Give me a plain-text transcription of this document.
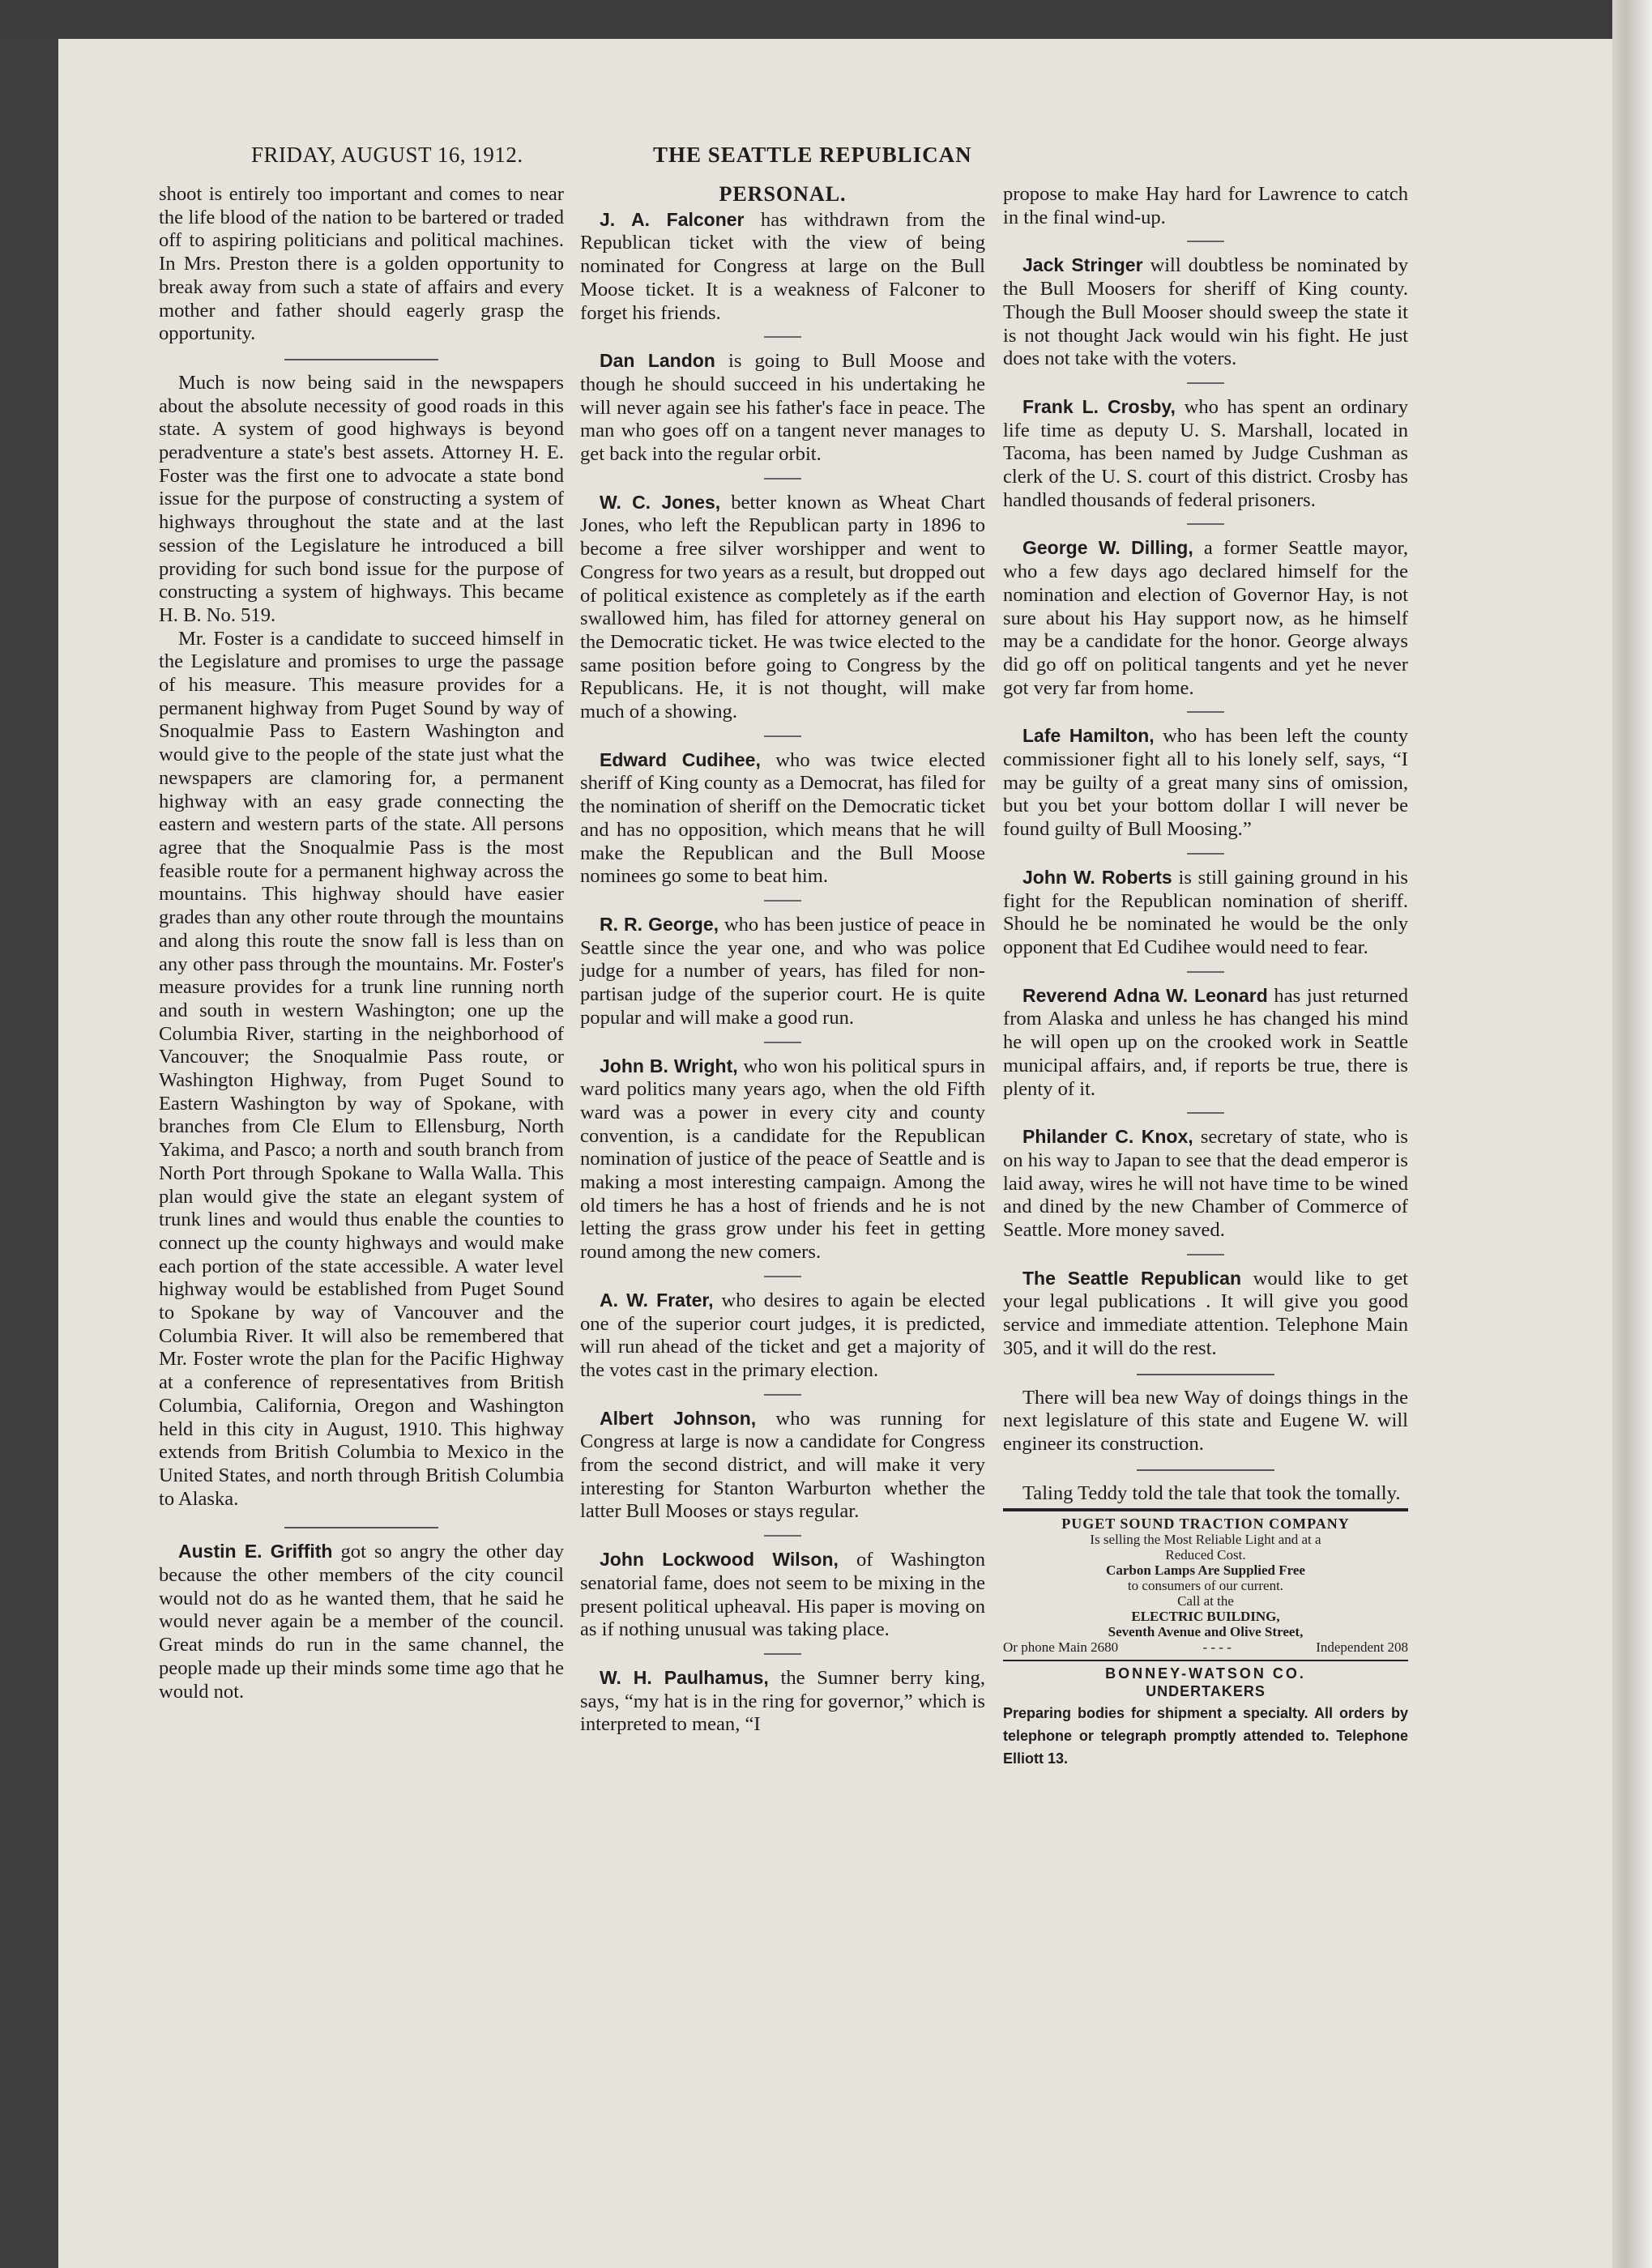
FRIDAY, AUGUST 16, 1912.	THE SEATTLE REPUBLICAN

shoot is entirely too important and comes to near the life blood of the nation to be bartered or traded off to aspiring politicians and political machines. In Mrs. Preston there is a golden opportunity to break away from such a state of affairs and every mother and father should eagerly grasp the opportunity.

Much is now being said in the newspapers about the absolute necessity of good roads in this state. A system of good highways is beyond peradventure a state's best assets. Attorney H. E. Foster was the first one to advocate a state bond issue for the purpose of constructing a system of highways throughout the state and at the last session of the Legislature he introduced a bill providing for such bond issue for the purpose of constructing a system of highways. This became H. B. No. 519.

Mr. Foster is a candidate to succeed himself in the Legislature and promises to urge the passage of his measure. This measure provides for a permanent highway from Puget Sound by way of Snoqualmie Pass to Eastern Washington and would give to the people of the state just what the newspapers are clamoring for, a permanent highway with an easy grade connecting the eastern and western parts of the state. All persons agree that the Snoqualmie Pass is the most feasible route for a permanent highway across the mountains. This highway should have easier grades than any other route through the mountains and along this route the snow fall is less than on any other pass through the mountains. Mr. Foster's measure provides for a trunk line running north and south in western Washington; one up the Columbia River, starting in the neighborhood of Vancouver; the Snoqualmie Pass route, or Washington Highway, from Puget Sound to Eastern Washington by way of Spokane, with branches from Cle Elum to Ellensburg, North Yakima, and Pasco; a north and south branch from North Port through Spokane to Walla Walla. This plan would give the state an elegant system of trunk lines and would thus enable the counties to connect up the county highways and would make each portion of the state accessible. A water level highway would be established from Puget Sound to Spokane by way of Vancouver and the Columbia River. It will also be remembered that Mr. Foster wrote the plan for the Pacific Highway at a conference of representatives from British Columbia, California, Oregon and Washington held in this city in August, 1910. This highway extends from British Columbia to Mexico in the United States, and north through British Columbia to Alaska.

Austin E. Griffith got so angry the other day because the other members of the city council would not do as he wanted them, that he said he would never again be a member of the council. Great minds do run in the same channel, the people made up their minds some time ago that he would not.

PERSONAL.

J. A. Falconer has withdrawn from the Republican ticket with the view of being nominated for Congress at large on the Bull Moose ticket. It is a weakness of Falconer to forget his friends.

Dan Landon is going to Bull Moose and though he should succeed in his undertaking he will never again see his father's face in peace. The man who goes off on a tangent never manages to get back into the regular orbit.

W. C. Jones, better known as Wheat Chart Jones, who left the Republican party in 1896 to become a free silver worshipper and went to Congress for two years as a result, but dropped out of political existence as completely as if the earth swallowed him, has filed for attorney general on the Democratic ticket. He was twice elected to the same position before going to Congress by the Republicans. He, it is not thought, will make much of a showing.

Edward Cudihee, who was twice elected sheriff of King county as a Democrat, has filed for the nomination of sheriff on the Democratic ticket and has no opposition, which means that he will make the Republican and the Bull Moose nominees go some to beat him.

R. R. George, who has been justice of peace in Seattle since the year one, and who was police judge for a number of years, has filed for non-partisan judge of the superior court. He is quite popular and will make a good run.

John B. Wright, who won his political spurs in ward politics many years ago, when the old Fifth ward was a power in every city and county convention, is a candidate for the Republican nomination of justice of the peace of Seattle and is making a most interesting campaign. Among the old timers he has a host of friends and he is not letting the grass grow under his feet in getting round among the new comers.

A. W. Frater, who desires to again be elected one of the superior court judges, it is predicted, will run ahead of the ticket and get a majority of the votes cast in the primary election.

Albert Johnson, who was running for Congress at large is now a candidate for Congress from the second district, and will make it very interesting for Stanton Warburton whether the latter Bull Mooses or stays regular.

John Lockwood Wilson, of Washington senatorial fame, does not seem to be mixing in the present political upheaval. His paper is moving on as if nothing unusual was taking place.

W. H. Paulhamus, the Sumner berry king, says, “my hat is in the ring for governor,” which is interpreted to mean, “I

propose to make Hay hard for Lawrence to catch in the final wind-up.

Jack Stringer will doubtless be nominated by the Bull Moosers for sheriff of King county. Though the Bull Mooser should sweep the state it is not thought Jack would win his fight. He just does not take with the voters.

Frank L. Crosby, who has spent an ordinary life time as deputy U. S. Marshall, located in Tacoma, has been named by Judge Cushman as clerk of the U. S. court of this district. Crosby has handled thousands of federal prisoners.

George W. Dilling, a former Seattle mayor, who a few days ago declared himself for the nomination and election of Governor Hay, is not sure about his Hay support now, as he himself may be a candidate for the honor. George always did go off on political tangents and yet he never got very far from home.

Lafe Hamilton, who has been left the county commissioner fight all to his lonely self, says, “I may be guilty of a great many sins of omission, but you bet your bottom dollar I will never be found guilty of Bull Moosing.”

John W. Roberts is still gaining ground in his fight for the Republican nomination of sheriff. Should he be nominated he would be the only opponent that Ed Cudihee would need to fear.

Reverend Adna W. Leonard has just returned from Alaska and unless he has changed his mind he will open up on the crooked work in Seattle municipal affairs, and, if reports be true, there is plenty of it.

Philander C. Knox, secretary of state, who is on his way to Japan to see that the dead emperor is laid away, wires he will not have time to be wined and dined by the new Chamber of Commerce of Seattle. More money saved.

The Seattle Republican would like to get your legal publications . It will give you good service and immediate attention. Telephone Main 305, and it will do the rest.

There will bea new Way of doings things in the next legislature of this state and Eugene W. will engineer its construction.

Taling Teddy told the tale that took the tomally.

PUGET SOUND TRACTION COMPANY
Is selling the Most Reliable Light and at a
Reduced Cost.
Carbon Lamps Are Supplied Free
to consumers of our current.
Call at the
ELECTRIC BUILDING,
Seventh Avenue and Olive Street,
Or phone Main 2680	- - - -	Independent 208
BONNEY-WATSON CO.
UNDERTAKERS
Preparing bodies for shipment a specialty. All orders by telephone or telegraph promptly attended to. Telephone Elliott 13.
